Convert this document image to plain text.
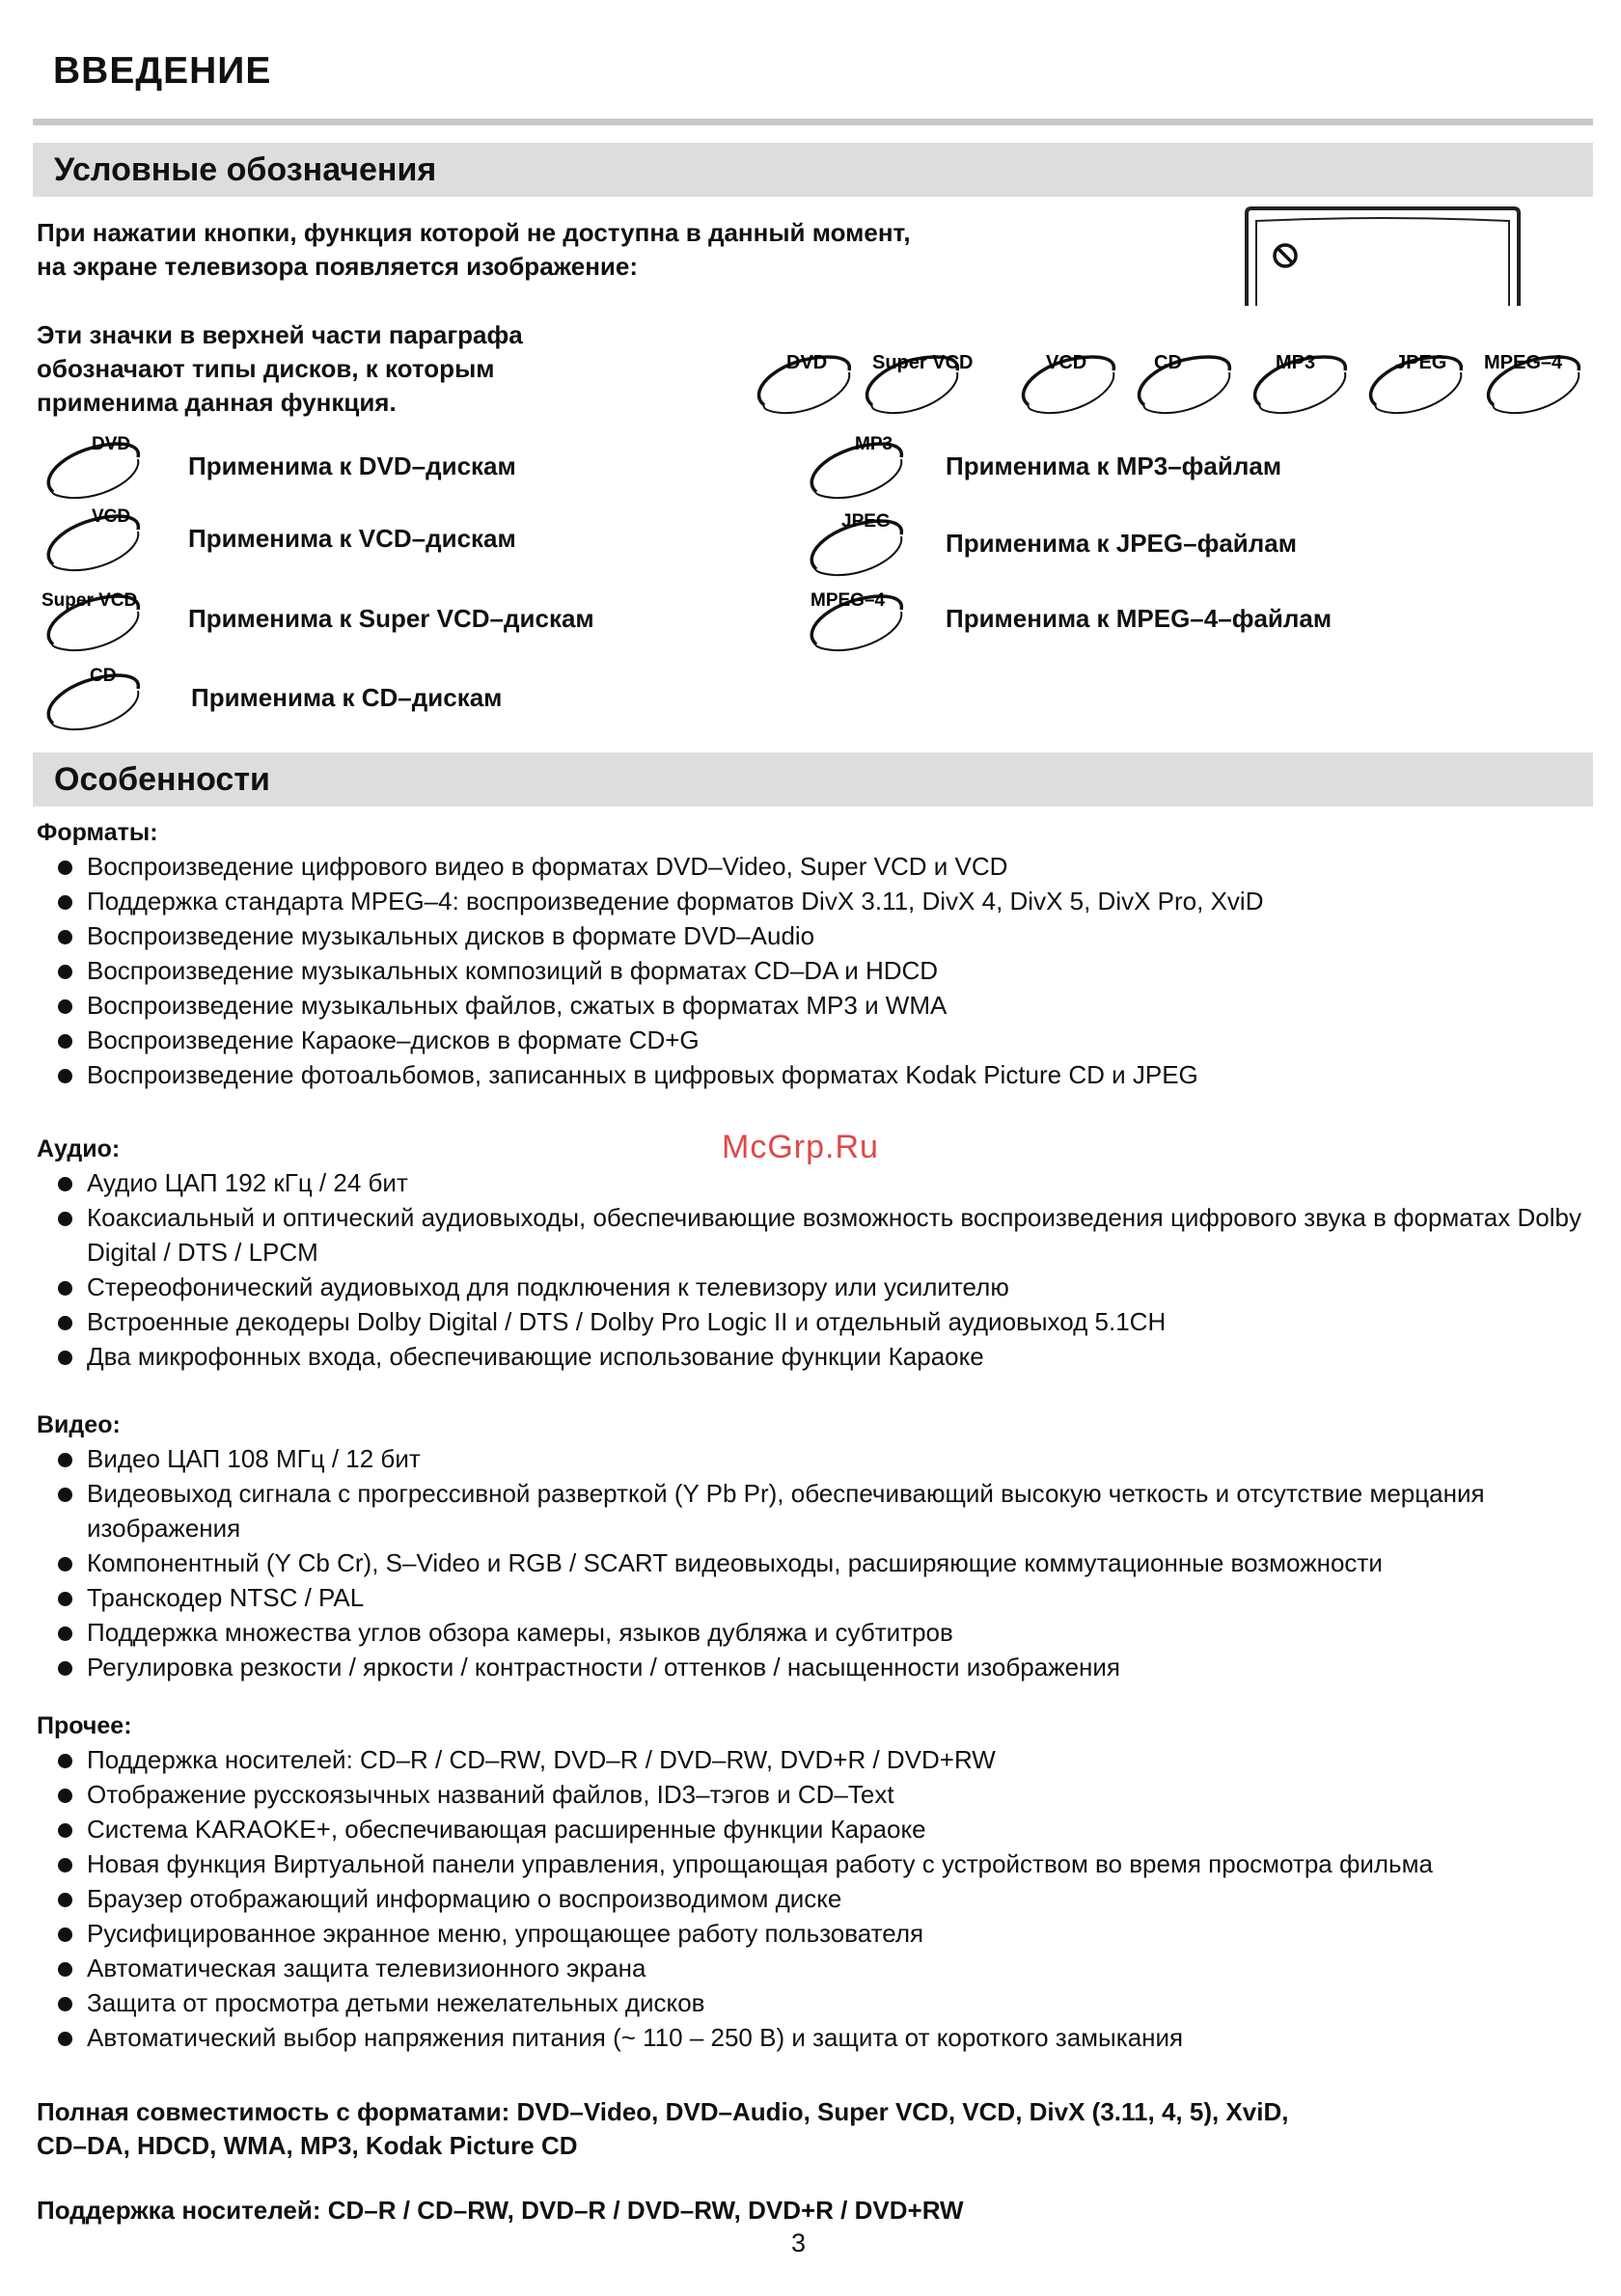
ВВЕДЕНИЕ
Условные обозначения

При нажатии кнопки, функция которой не доступна в данный момент,
на экране телевизора появляется изображение:

Эти значки в верхней части параграфа
обозначают типы дисков, к которым
применима данная функция.

DVD Super VCD	VCD	CD	MP3	JPEG MPEG–4
DVD
Применима к DVD–дискам
VCD
Применима к VCD–дискам
Super VCD
Применима к Super VCD–дискам
CD
Применима к CD–дискам
MP3
Применима к MP3–файлам
JPEG
Применима к JPEG–файлам
MPEG–4
Применима к MPEG–4–файлам
Особенности
Форматы:
Воспроизведение цифрового видео в форматах DVD–Video, Super VCD и VCD
Поддержка стандарта MPEG–4: воспроизведение форматов DivX 3.11, DivX 4, DivX 5, DivX Pro, XviD
Воспроизведение музыкальных дисков в формате DVD–Audio
Воспроизведение музыкальных композиций в форматах CD–DA и HDCD
Воспроизведение музыкальных файлов, сжатых в форматах MP3 и WMA
Воспроизведение Караоке–дисков в формате CD+G
Воспроизведение фотоальбомов, записанных в цифровых форматах Kodak Picture CD и JPEG
McGrp.Ru
Аудио:
Аудио ЦАП 192 кГц / 24 бит
Коаксиальный и оптический аудиовыходы, обеспечивающие возможность воспроизведения цифрового звука в форматах Dolby Digital / DTS / LPCM
Стереофонический аудиовыход для подключения к телевизору или усилителю
Встроенные декодеры Dolby Digital / DTS / Dolby Pro Logic II и отдельный аудиовыход 5.1CH
Два микрофонных входа, обеспечивающие использование функции Караоке
Видео:
Видео ЦАП 108 МГц / 12 бит
Видеовыход сигнала с прогрессивной разверткой (Y Pb Pr), обеспечивающий высокую четкость и отсутствие мерцания изображения
Компонентный (Y Cb Cr), S–Video и RGB / SCART видеовыходы, расширяющие коммутационные возможности
Транскодер NTSC / PAL
Поддержка множества углов обзора камеры, языков дубляжа и субтитров
Регулировка резкости / яркости / контрастности / оттенков / насыщенности изображения
Прочее:
Поддержка носителей: CD–R / CD–RW, DVD–R / DVD–RW, DVD+R / DVD+RW
Отображение русскоязычных названий файлов, ID3–тэгов и CD–Text
Система KARAOKE+, обеспечивающая расширенные функции Караоке
Новая функция Виртуальной панели управления, упрощающая работу с устройством во время просмотра фильма
Браузер отображающий информацию о воспроизводимом диске
Русифицированное экранное меню, упрощающее работу пользователя
Автоматическая защита телевизионного экрана
Защита от просмотра детьми нежелательных дисков
Автоматический выбор напряжения питания (~ 110 – 250 В) и защита от короткого замыкания

Полная совместимость с форматами: DVD–Video, DVD–Audio, Super VCD, VCD, DivX (3.11, 4, 5), XviD,
CD–DA, HDCD, WMA, MP3, Kodak Picture CD

Поддержка носителей: CD–R / CD–RW, DVD–R / DVD–RW, DVD+R / DVD+RW

3
